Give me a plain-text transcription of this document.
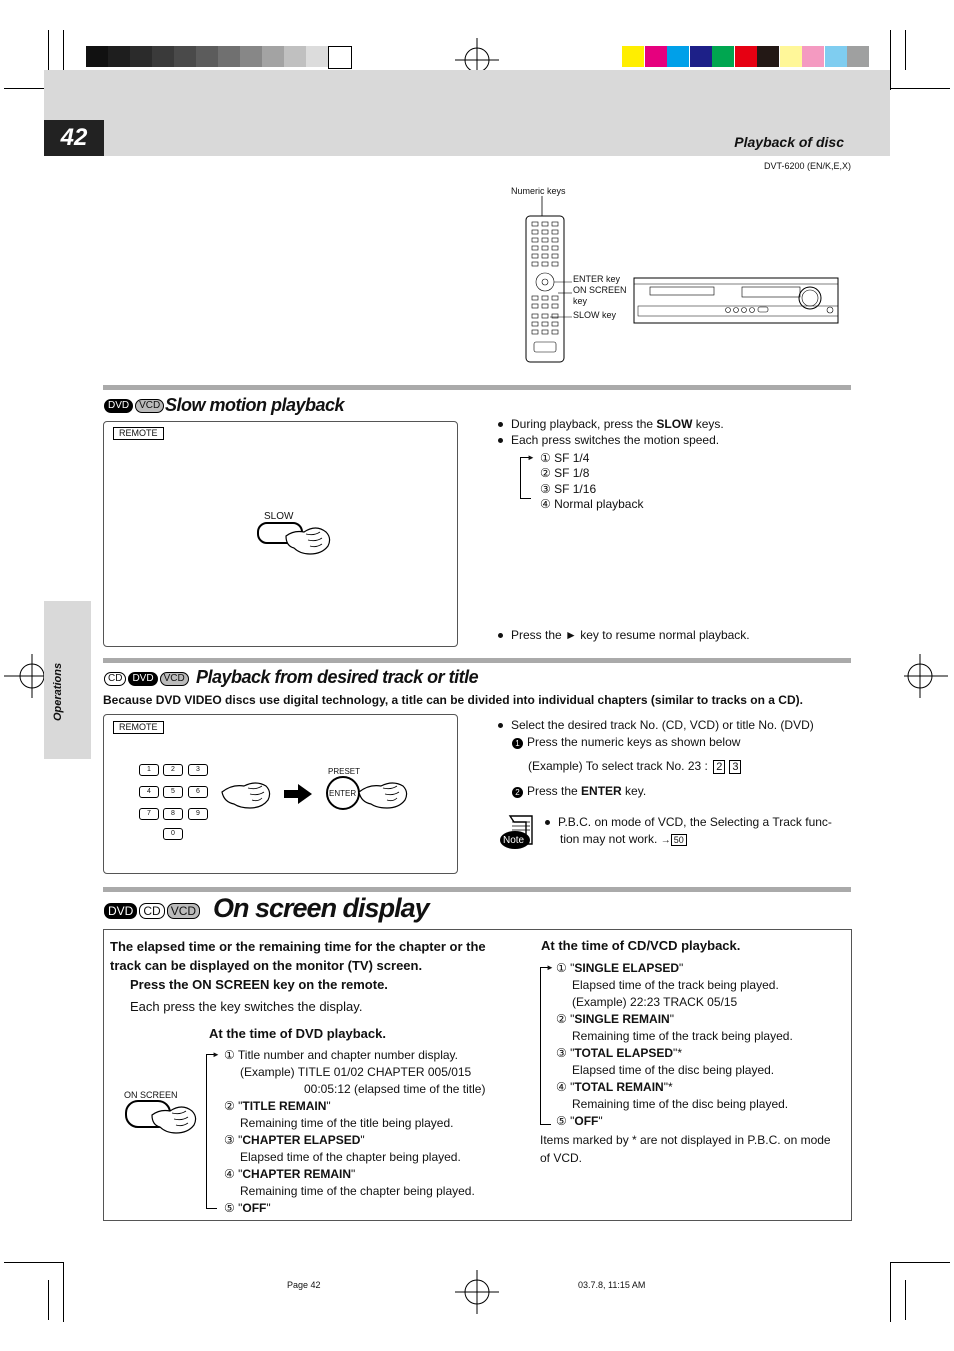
42	Playback of disc
DVT-6200 (EN/K,E,X)
Operations
Numeric keys
ENTER key
ON SCREEN key
SLOW key
DVD VCD Slow motion playback
REMOTE
SLOW
During playback, press the SLOW keys.
Each press switches the motion speed.
► ① SF 1/4
② SF 1/8
③ SF 1/16
④ Normal playback
Press the ► key to resume normal playback.
CD DVD VCD Playback from desired track or title
Because DVD VIDEO discs use digital technology, a title can be divided into individual chapters (similar to tracks on a CD).
REMOTE
1	2	3
4	5	6
7	8	9
0
PRESET
ENTER
Select the desired track No. (CD, VCD) or title No. (DVD)
1 Press the numeric keys as shown below
(Example) To select track No. 23 : 2 3
2 Press the ENTER key.
Note
P.B.C. on mode of VCD, the Selecting a Track func-
tion may not work. → 50
DVD CD VCD On screen display
The elapsed time or the remaining time for the chapter or the
track can be displayed on the monitor (TV) screen.
Press the ON SCREEN key on the remote.
Each press the key switches the display.
At the time of DVD playback.
ON SCREEN
► ① Title number and chapter number display.
(Example) TITLE 01/02 CHAPTER 005/015
00:05:12 (elapsed time of the title)
② "TITLE REMAIN"
Remaining time of the title being played.
③ "CHAPTER ELAPSED"
Elapsed time of the chapter being played.
④ "CHAPTER REMAIN"
Remaining time of the chapter being played.
⑤ "OFF"
At the time of CD/VCD playback.
► ① "SINGLE ELAPSED"
Elapsed time of the track being played.
(Example) 22:23 TRACK 05/15
② "SINGLE REMAIN"
Remaining time of the track being played.
③ "TOTAL ELAPSED"*
Elapsed time of the disc being played.
④ "TOTAL REMAIN"*
Remaining time of the disc being played.
⑤ "OFF"
Items marked by * are not displayed in P.B.C. on mode
of VCD.
Page 42	03.7.8, 11:15 AM
